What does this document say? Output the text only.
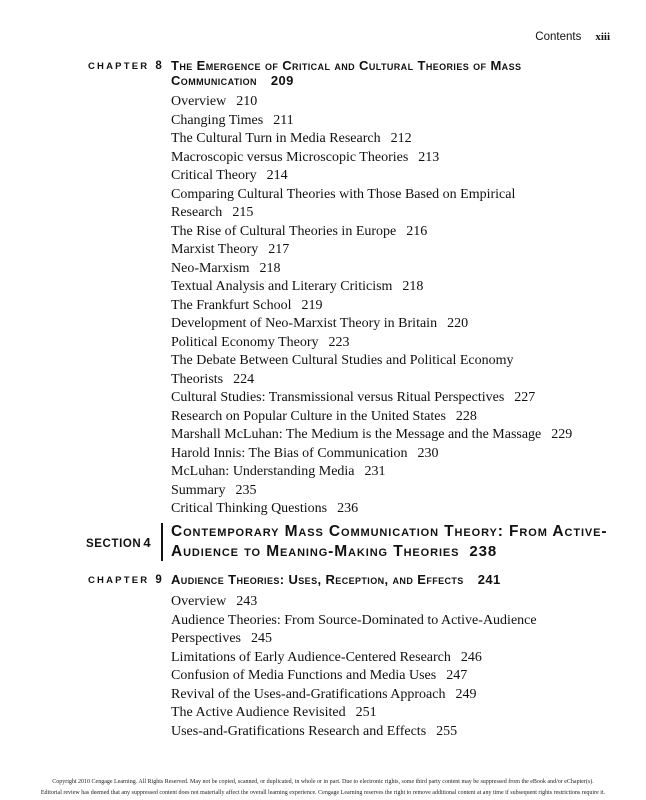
Contents xiii
CHAPTER 8 The Emergence of Critical and Cultural Theories of Mass Communication 209
Overview 210
Changing Times 211
The Cultural Turn in Media Research 212
Macroscopic versus Microscopic Theories 213
Critical Theory 214
Comparing Cultural Theories with Those Based on Empirical Research 215
The Rise of Cultural Theories in Europe 216
Marxist Theory 217
Neo-Marxism 218
Textual Analysis and Literary Criticism 218
The Frankfurt School 219
Development of Neo-Marxist Theory in Britain 220
Political Economy Theory 223
The Debate Between Cultural Studies and Political Economy Theorists 224
Cultural Studies: Transmissional versus Ritual Perspectives 227
Research on Popular Culture in the United States 228
Marshall McLuhan: The Medium is the Message and the Massage 229
Harold Innis: The Bias of Communication 230
McLuhan: Understanding Media 231
Summary 235
Critical Thinking Questions 236
SECTION 4
Contemporary Mass Communication Theory: From Active-Audience to Meaning-Making Theories 238
CHAPTER 9 Audience Theories: Uses, Reception, and Effects 241
Overview 243
Audience Theories: From Source-Dominated to Active-Audience Perspectives 245
Limitations of Early Audience-Centered Research 246
Confusion of Media Functions and Media Uses 247
Revival of the Uses-and-Gratifications Approach 249
The Active Audience Revisited 251
Uses-and-Gratifications Research and Effects 255
Copyright 2010 Cengage Learning. All Rights Reserved. May not be copied, scanned, or duplicated, in whole or in part. Due to electronic rights, some third party content may be suppressed from the eBook and/or eChapter(s).
Editorial review has deemed that any suppressed content does not materially affect the overall learning experience. Cengage Learning reserves the right to remove additional content at any time if subsequent rights restrictions require it.
